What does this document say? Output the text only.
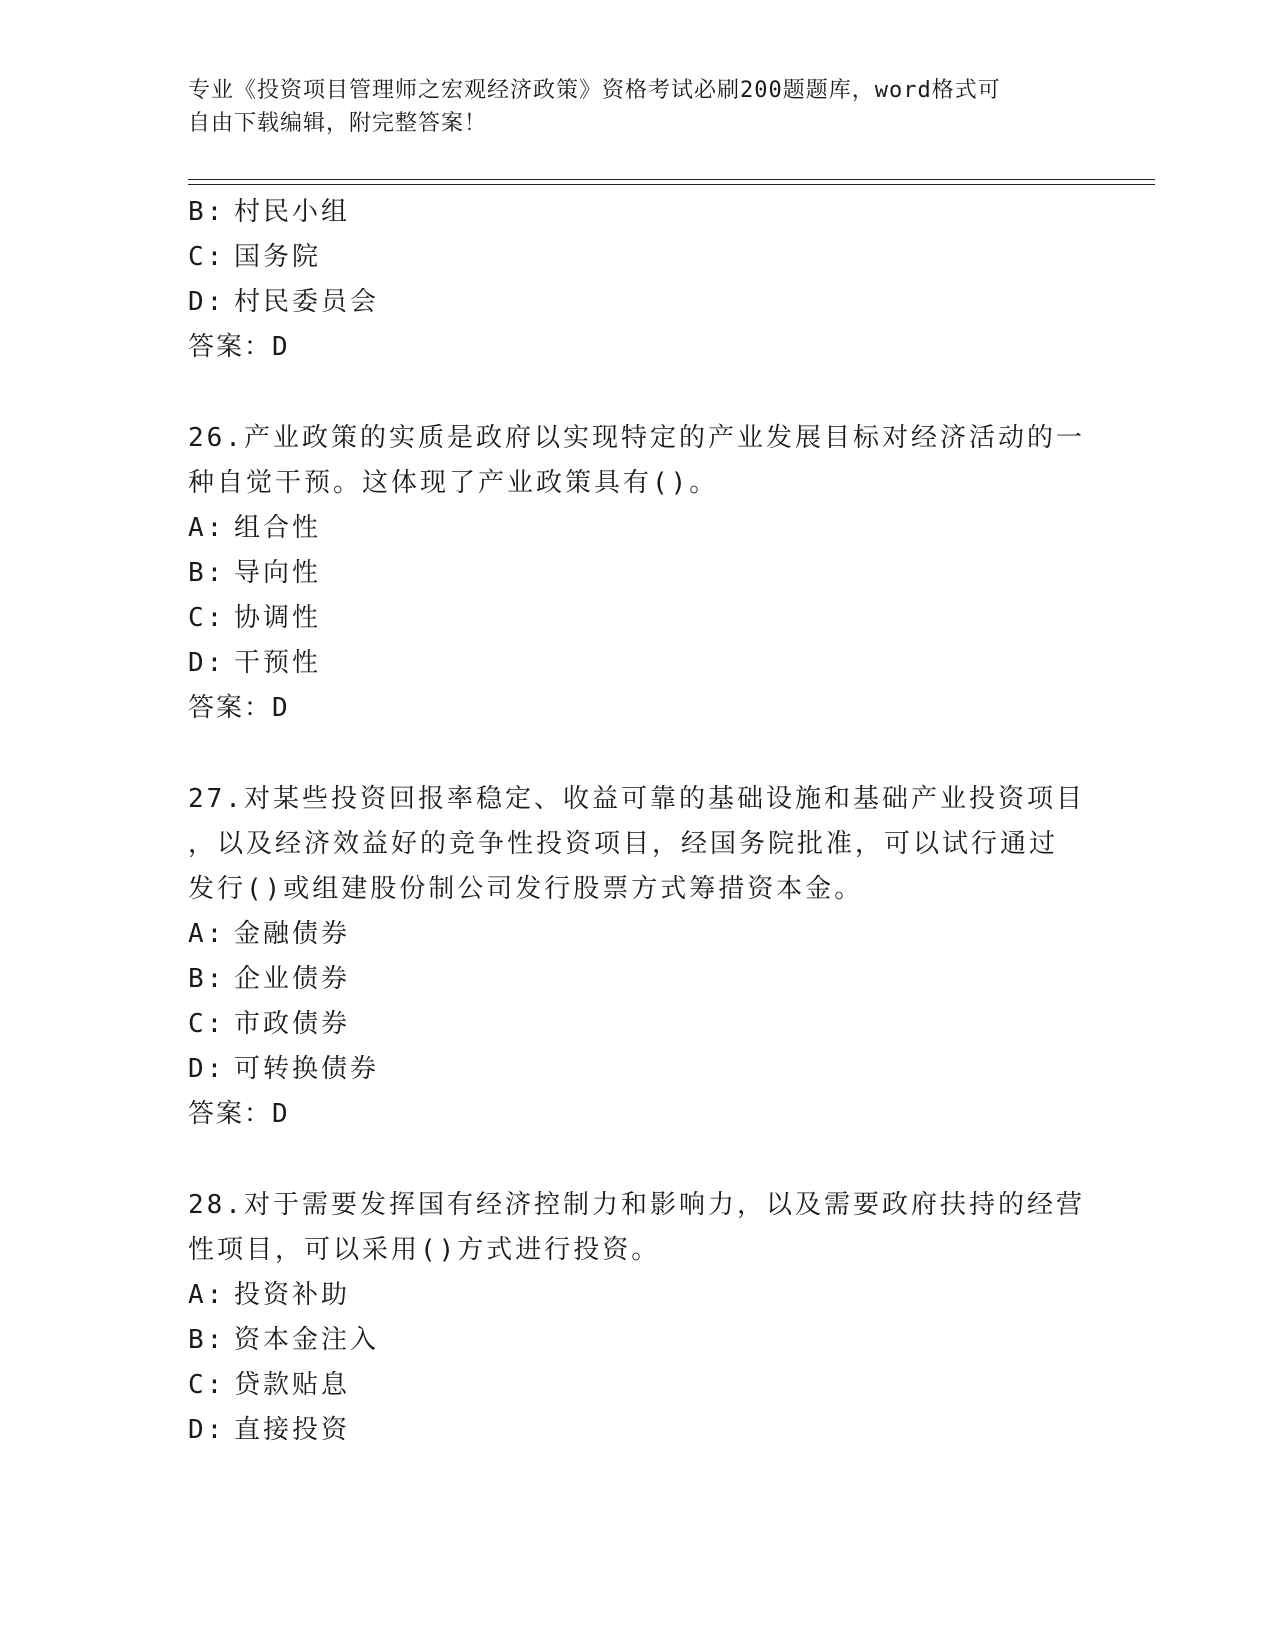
专业《投资项目管理师之宏观经济政策》资格考试必刷200题题库，word格式可
自由下载编辑，附完整答案！
B: 村民小组
C: 国务院
D: 村民委员会
答案：D
26.产业政策的实质是政府以实现特定的产业发展目标对经济活动的一
种自觉干预。这体现了产业政策具有()。
A: 组合性
B: 导向性
C: 协调性
D: 干预性
答案：D
27.对某些投资回报率稳定、收益可靠的基础设施和基础产业投资项目
，以及经济效益好的竞争性投资项目，经国务院批准，可以试行通过
发行()或组建股份制公司发行股票方式筹措资本金。
A: 金融债券
B: 企业债券
C: 市政债券
D: 可转换债券
答案：D
28.对于需要发挥国有经济控制力和影响力，以及需要政府扶持的经营
性项目，可以采用()方式进行投资。
A: 投资补助
B: 资本金注入
C: 贷款贴息
D: 直接投资
